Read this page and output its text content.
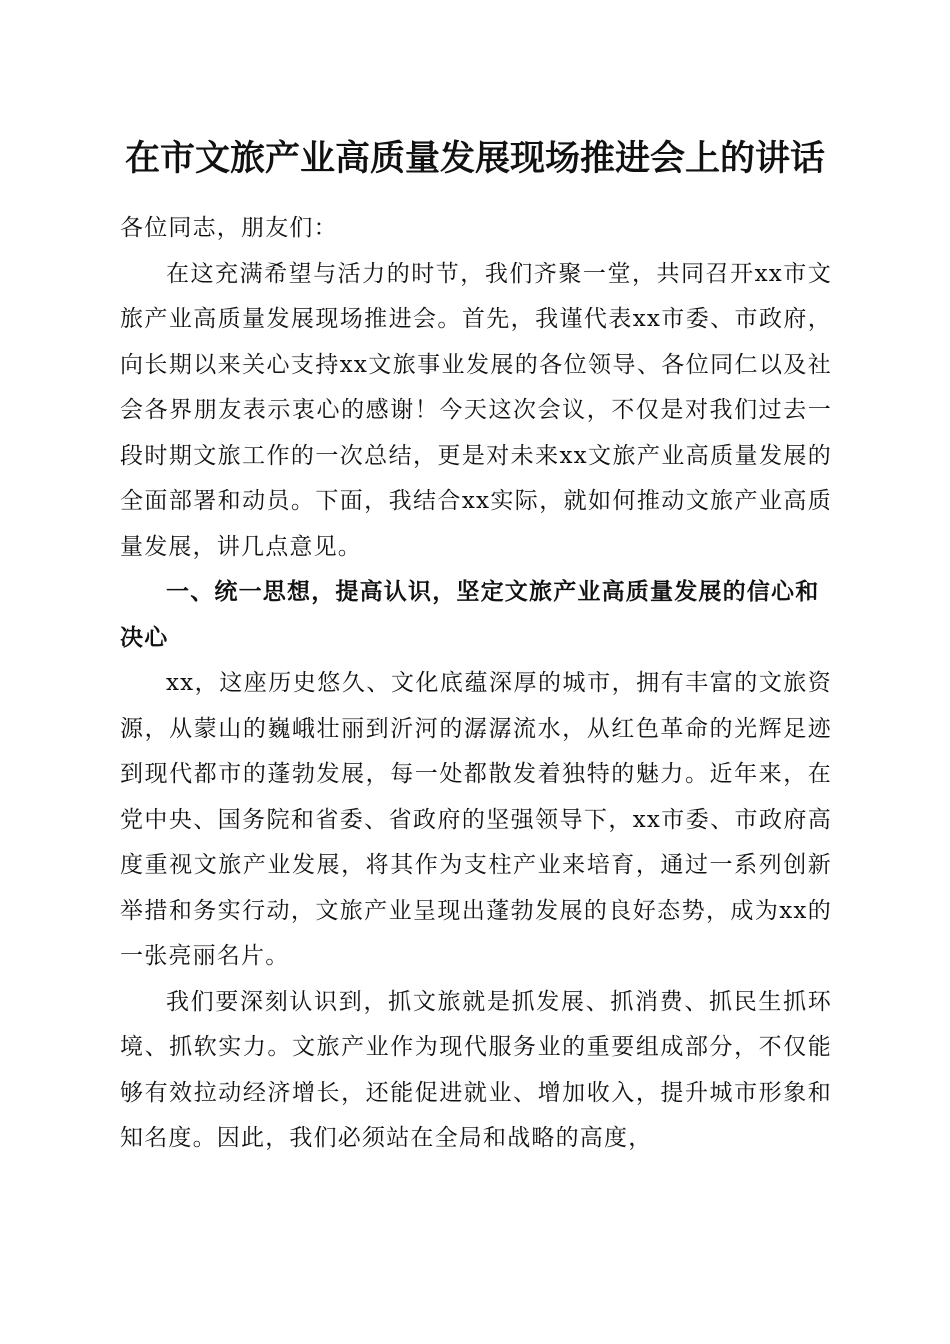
在市文旅产业高质量发展现场推进会上的讲话

各位同志，朋友们：

在这充满希望与活力的时节，我们齐聚一堂，共同召开xx市文旅产业高质量发展现场推进会。首先，我谨代表xx市委、市政府，向长期以来关心支持xx文旅事业发展的各位领导、各位同仁以及社会各界朋友表示衷心的感谢！今天这次会议，不仅是对我们过去一段时期文旅工作的一次总结，更是对未来xx文旅产业高质量发展的全面部署和动员。下面，我结合xx实际，就如何推动文旅产业高质量发展，讲几点意见。

一、统一思想，提高认识，坚定文旅产业高质量发展的信心和决心

xx，这座历史悠久、文化底蕴深厚的城市，拥有丰富的文旅资源，从蒙山的巍峨壮丽到沂河的潺潺流水，从红色革命的光辉足迹到现代都市的蓬勃发展，每一处都散发着独特的魅力。近年来，在党中央、国务院和省委、省政府的坚强领导下，xx市委、市政府高度重视文旅产业发展，将其作为支柱产业来培育，通过一系列创新举措和务实行动，文旅产业呈现出蓬勃发展的良好态势，成为xx的一张亮丽名片。

我们要深刻认识到，抓文旅就是抓发展、抓消费、抓民生抓环境、抓软实力。文旅产业作为现代服务业的重要组成部分，不仅能够有效拉动经济增长，还能促进就业、增加收入，提升城市形象和知名度。因此，我们必须站在全局和战略的高度，
